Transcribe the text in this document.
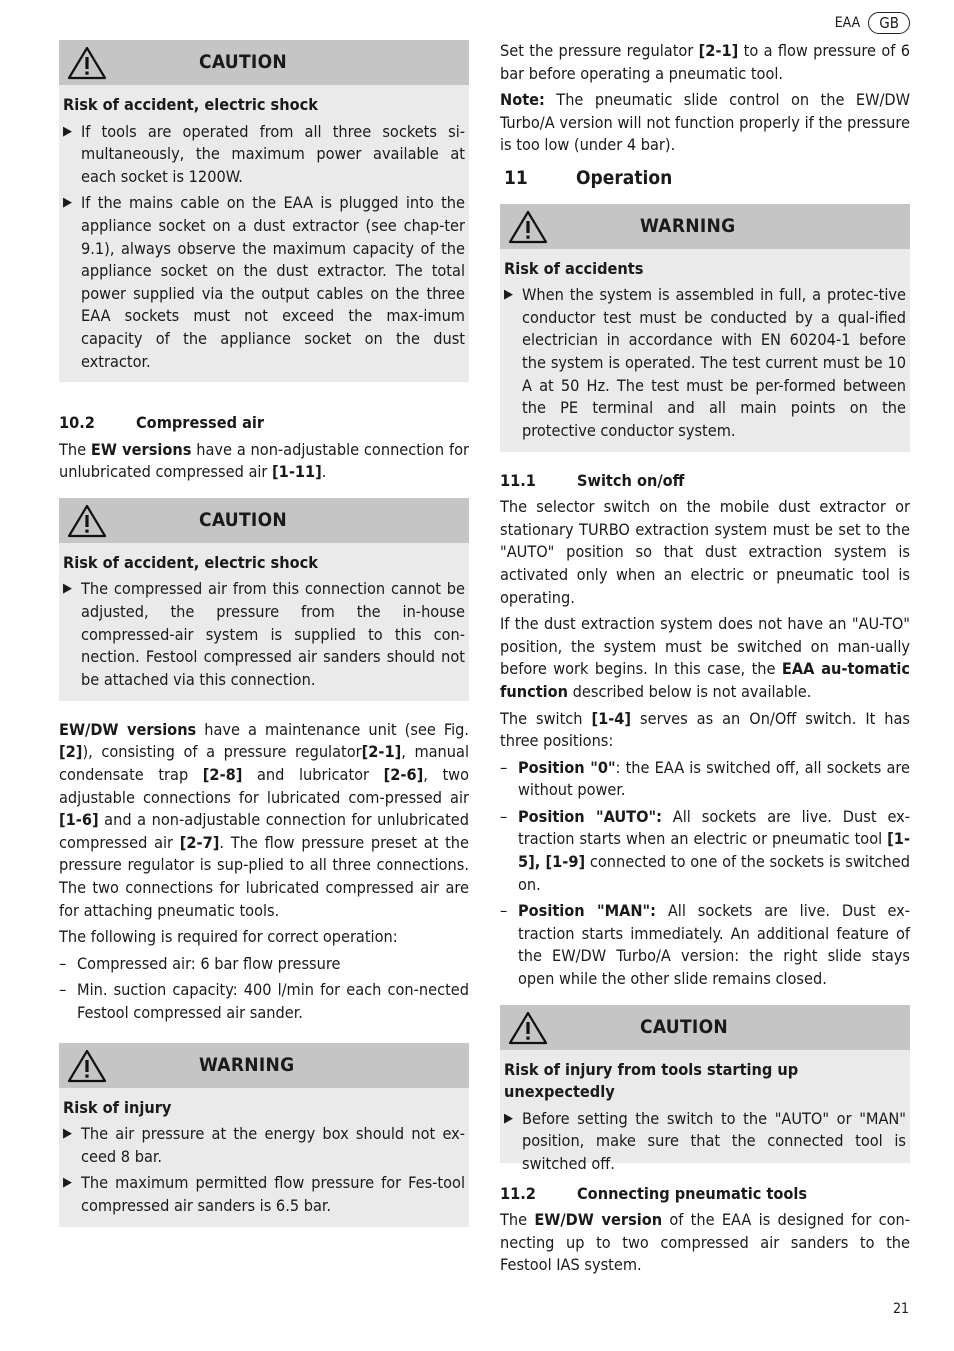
EAA	GB
CAUTION
Risk of accident, electric shock
▶ If tools are operated from all three sockets si-multaneously, the maximum power available at each socket is 1200W.
▶ If the mains cable on the EAA is plugged into the appliance socket on a dust extractor (see chap-ter 9.1), always observe the maximum capacity of the appliance socket on the dust extractor. The total power supplied via the output cables on the three EAA sockets must not exceed the max-imum capacity of the appliance socket on the dust extractor.
10.2	Compressed air

The EW versions have a non-adjustable connection for unlubricated compressed air [1-11].

CAUTION
Risk of accident, electric shock
▶ The compressed air from this connection cannot be adjusted, the pressure from the in-house compressed-air system is supplied to this con-nection. Festool compressed air sanders should not be attached via this connection.

EW/DW versions have a maintenance unit (see Fig.[2]), consisting of a pressure regulator[2-1], manual condensate trap [2-8] and lubricator [2-6], two adjustable connections for lubricated com-pressed air [1-6] and a non-adjustable connection for unlubricated compressed air [2-7]. The flow pressure preset at the pressure regulator is sup-plied to all three connections. The two connections for lubricated compressed air are for attaching pneumatic tools.

The following is required for correct operation:

– Compressed air: 6 bar flow pressure
– Min. suction capacity: 400 l/min for each con-nected Festool compressed air sander.
WARNING
Risk of injury
▶ The air pressure at the energy box should not ex-ceed 8 bar.
▶ The maximum permitted flow pressure for Fes-tool compressed air sanders is 6.5 bar.

Set the pressure regulator [2-1] to a flow pressure of 6 bar before operating a pneumatic tool.

Note: The pneumatic slide control on the EW/DW Turbo/A version will not function properly if the pressure is too low (under 4 bar).

11	Operation
WARNING
Risk of accidents
▶ When the system is assembled in full, a protec-tive conductor test must be conducted by a qual-ified electrician in accordance with EN 60204-1 before the system is operated. The test current must be 10 A at 50 Hz. The test must be per-formed between the PE terminal and all main points on the protective conductor system.
11.1	Switch on/off

The selector switch on the mobile dust extractor or stationary TURBO extraction system must be set to the "AUTO" position so that dust extraction system is activated only when an electric or pneumatic tool is operating.

If the dust extraction system does not have an "AU-TO" position, the system must be switched on man-ually before work begins. In this case, the EAA au-tomatic function described below is not available.

The switch [1-4] serves as an On/Off switch. It has three positions:

– Position "0": the EAA is switched off, all sockets are without power.
– Position "AUTO": All sockets are live. Dust ex-traction starts when an electric or pneumatic tool [1-5], [1-9] connected to one of the sockets is switched on.
– Position "MAN": All sockets are live. Dust ex-traction starts immediately. An additional feature of the EW/DW Turbo/A version: the right slide stays open while the other slide remains closed.
CAUTION
Risk of injury from tools starting up unexpectedly
▶ Before setting the switch to the "AUTO" or "MAN" position, make sure that the connected tool is switched off.
11.2	Connecting pneumatic tools

The EW/DW version of the EAA is designed for con-necting up to two compressed air sanders to the Festool IAS system.

21
